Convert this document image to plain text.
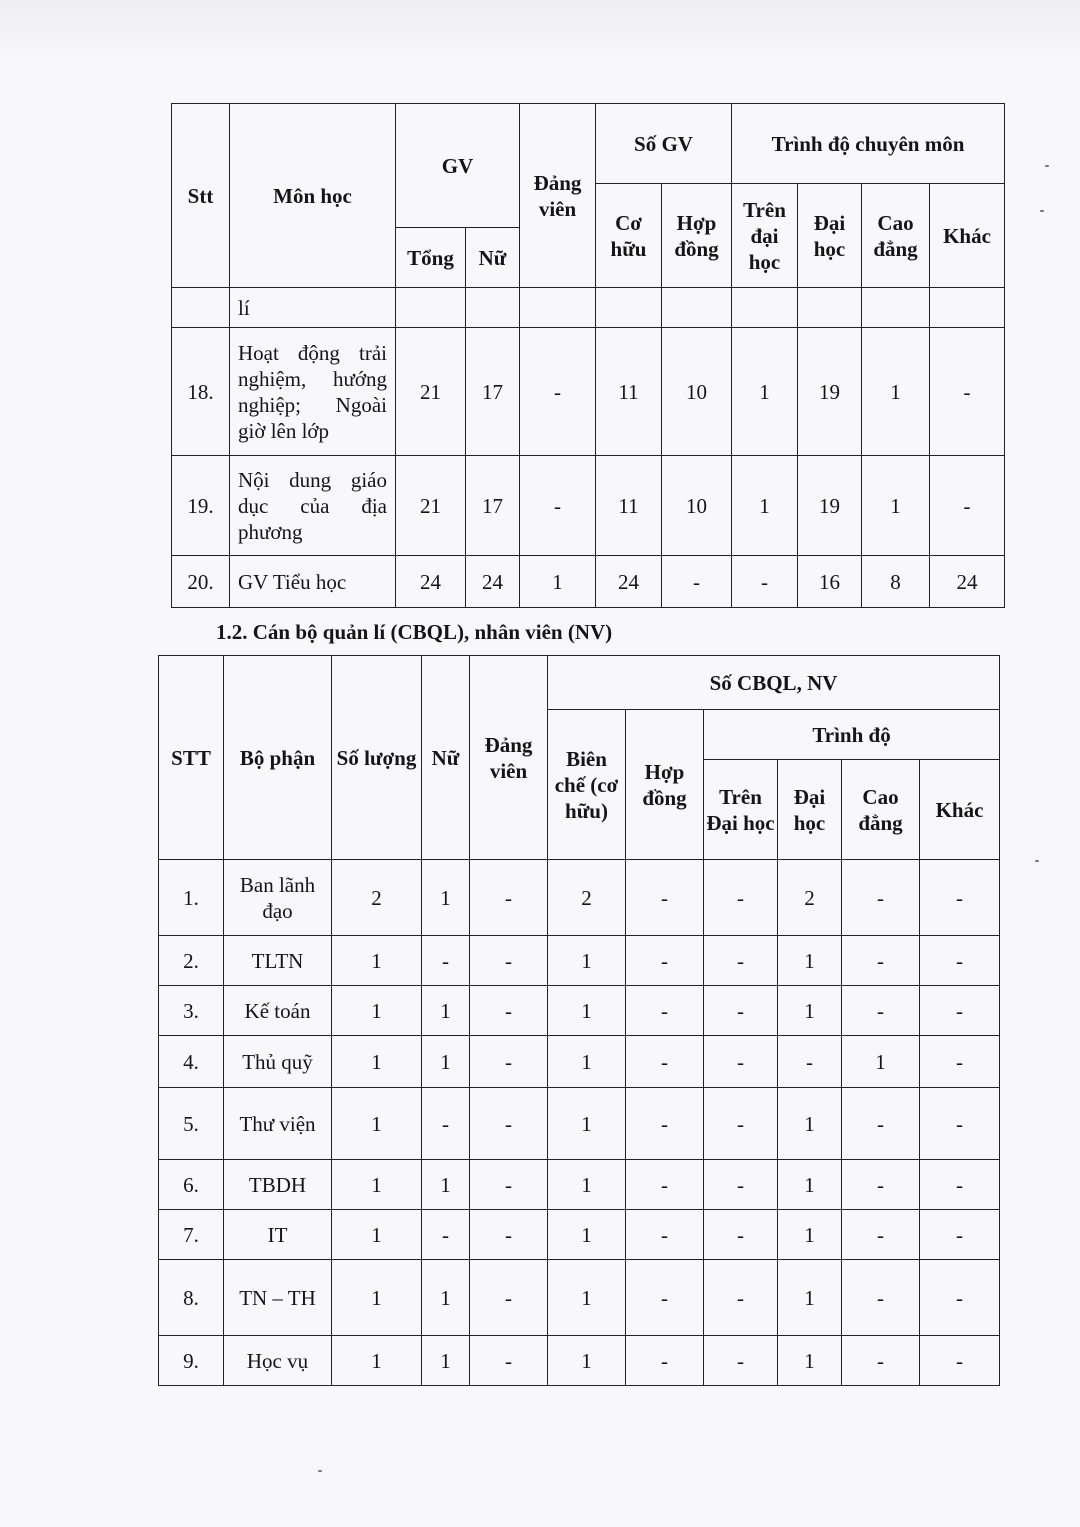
Stt	Môn học	GV		Đảng viên	Số GV		Trình độ chuyên môn			
					Cơ hữu	Hợp đồng	Trên đại học	Đại học	Cao đẳng	Khác
		Tổng	Nữ							
	lí									
18.	Hoạt động trải nghiệm, hướng nghiệp; Ngoài giờ lên lớp	21	17	-	11	10	1	19	1	-
19.	Nội dung giáo dục của địa phương	21	17	-	11	10	1	19	1	-
20.	GV Tiểu học	24	24	1	24	-	-	16	8	24
1.2. Cán bộ quản lí (CBQL), nhân viên (NV)
STT	Bộ phận	Số lượng	Nữ	Đảng viên	Số CBQL, NV					
					Biên chế (cơ hữu)	Hợp đồng	Trình độ			
							Trên Đại học	Đại học	Cao đẳng	Khác
1.	Ban lãnh đạo	2	1	-	2	-	-	2	-	-
2.	TLTN	1	-	-	1	-	-	1	-	-
3.	Kế toán	1	1	-	1	-	-	1	-	-
4.	Thủ quỹ	1	1	-	1	-	-	-	1	-
5.	Thư viện	1	-	-	1	-	-	1	-	-
6.	TBDH	1	1	-	1	-	-	1	-	-
7.	IT	1	-	-	1	-	-	1	-	-
8.	TN – TH	1	1	-	1	-	-	1	-	-
9.	Học vụ	1	1	-	1	-	-	1	-	-
